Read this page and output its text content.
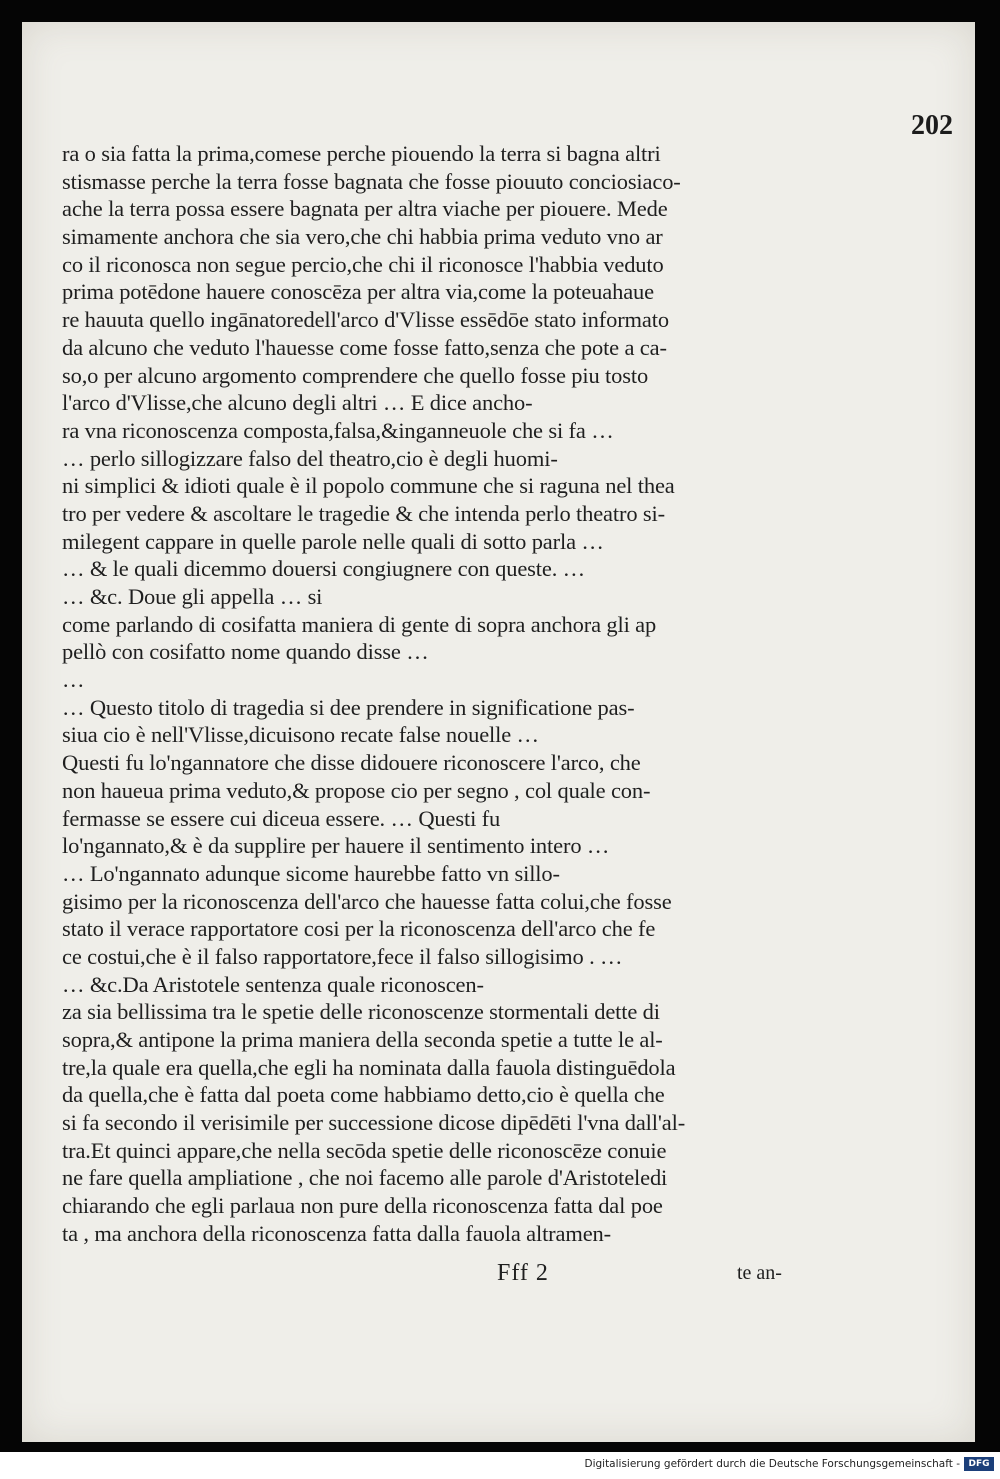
202
ra o sia fatta la prima,comese perche piouendo la terra si bagna altri
stismasse perche la terra fosse bagnata che fosse piouuto conciosiaco-
ache la terra possa essere bagnata per altra viache per piouere. Mede
simamente anchora che sia vero,che chi habbia prima veduto vno ar
co il riconosca non segue percio,che chi il riconosce l'habbia veduto
prima potēdone hauere conoscēza per altra via,come la poteuahaue
re hauuta quello ingānatoredell'arco d'Vlisse essēdōe stato informato
da alcuno che veduto l'hauesse come fosse fatto,senza che pote a ca-
so,o per alcuno argomento comprendere che quello fosse piu tosto
l'arco d'Vlisse,che alcuno degli altri … E dice ancho-
ra vna riconoscenza composta,falsa,&inganneuole che si fa …
… perlo sillogizzare falso del theatro,cio è degli huomi-
ni simplici & idioti quale è il popolo commune che si raguna nel thea
tro per vedere & ascoltare le tragedie & che intenda perlo theatro si-
milegent cappare in quelle parole nelle quali di sotto parla …
… & le quali dicemmo douersi congiugnere con queste. …
… &c. Doue gli appella … si
come parlando di cosifatta maniera di gente di sopra anchora gli ap
pellò con cosifatto nome quando disse …
…
… Questo titolo di tragedia si dee prendere in significatione pas-
siua cio è nell'Vlisse,dicuisono recate false nouelle …
Questi fu lo'ngannatore che disse didouere riconoscere l'arco, che
non haueua prima veduto,& propose cio per segno , col quale con-
fermasse se essere cui diceua essere. … Questi fu
lo'ngannato,& è da supplire per hauere il sentimento intero …
… Lo'ngannato adunque sicome haurebbe fatto vn sillo-
gisimo per la riconoscenza dell'arco che hauesse fatta colui,che fosse
stato il verace rapportatore cosi per la riconoscenza dell'arco che fe
ce costui,che è il falso rapportatore,fece il falso sillogisimo . …
… &c.Da Aristotele sentenza quale riconoscen-
za sia bellissima tra le spetie delle riconoscenze stormentali dette di
sopra,& antipone la prima maniera della seconda spetie a tutte le al-
tre,la quale era quella,che egli ha nominata dalla fauola distinguēdola
da quella,che è fatta dal poeta come habbiamo detto,cio è quella che
si fa secondo il verisimile per successione dicose dipēdēti l'vna dall'al-
tra.Et quinci appare,che nella secōda spetie delle riconoscēze conuie
ne fare quella ampliatione , che noi facemo alle parole d'Aristoteledi
chiarando che egli parlaua non pure della riconoscenza fatta dal poe
ta , ma anchora della riconoscenza fatta dalla fauola altramen-
Fff 2	te an-
Digitalisierung gefördert durch die Deutsche Forschungsgemeinschaft - DFG
